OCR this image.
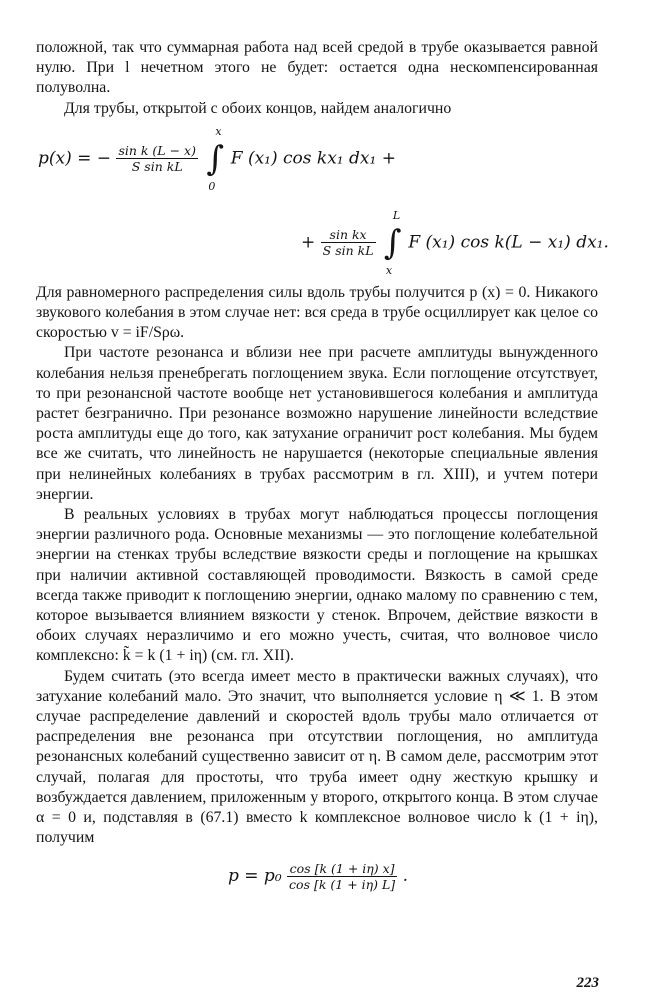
положной, так что суммарная работа над всей средой в трубе оказывается равной нулю. При l нечетном этого не будет: остается одна нескомпенсированная полуволна.

Для трубы, открытой с обоих концов, найдем аналогично

p(x) = − $\frac{\text{sin k (L − x)}}{\text{S sin kL}}$ ∫
x
0
F (x₁) cos kx₁ dx₁ +
+ $\frac{\text{sin kx}}{\text{S sin kL}}$ ∫
L
x
F (x₁) cos k(L − x₁) dx₁.

Для равномерного распределения силы вдоль трубы получится p (x) = 0. Никакого звукового колебания в этом случае нет: вся среда в трубе осциллирует как целое со скоростью v = iF/Sρω.

При частоте резонанса и вблизи нее при расчете амплитуды вынужденного колебания нельзя пренебрегать поглощением звука. Если поглощение отсутствует, то при резонансной частоте вообще нет установившегося колебания и амплитуда растет безгранично. При резонансе возможно нарушение линейности вследствие роста амплитуды еще до того, как затухание ограничит рост колебания. Мы будем все же считать, что линейность не нарушается (некоторые специальные явления при нелинейных колебаниях в трубах рассмотрим в гл. XIII), и учтем потери энергии.

В реальных условиях в трубах могут наблюдаться процессы поглощения энергии различного рода. Основные механизмы — это поглощение колебательной энергии на стенках трубы вследствие вязкости среды и поглощение на крышках при наличии активной составляющей проводимости. Вязкость в самой среде всегда также приводит к поглощению энергии, однако малому по сравнению с тем, которое вызывается влиянием вязкости у стенок. Впрочем, действие вязкости в обоих случаях неразличимо и его можно учесть, считая, что волновое число комплексно: k̃ = k (1 + iη) (см. гл. XII).

Будем считать (это всегда имеет место в практически важных случаях), что затухание колебаний мало. Это значит, что выполняется условие η ≪ 1. В этом случае распределение давлений и скоростей вдоль трубы мало отличается от распределения вне резонанса при отсутствии поглощения, но амплитуда резонансных колебаний существенно зависит от η. В самом деле, рассмотрим этот случай, полагая для простоты, что труба имеет одну жесткую крышку и возбуждается давлением, приложенным у второго, открытого конца. В этом случае α = 0 и, подставляя в (67.1) вместо k комплексное волновое число k (1 + iη), получим

$p = p_0 \frac{\cos [k (1 + i\eta) x]}{\cos [k (1 + i\eta) L]}$ .
223
